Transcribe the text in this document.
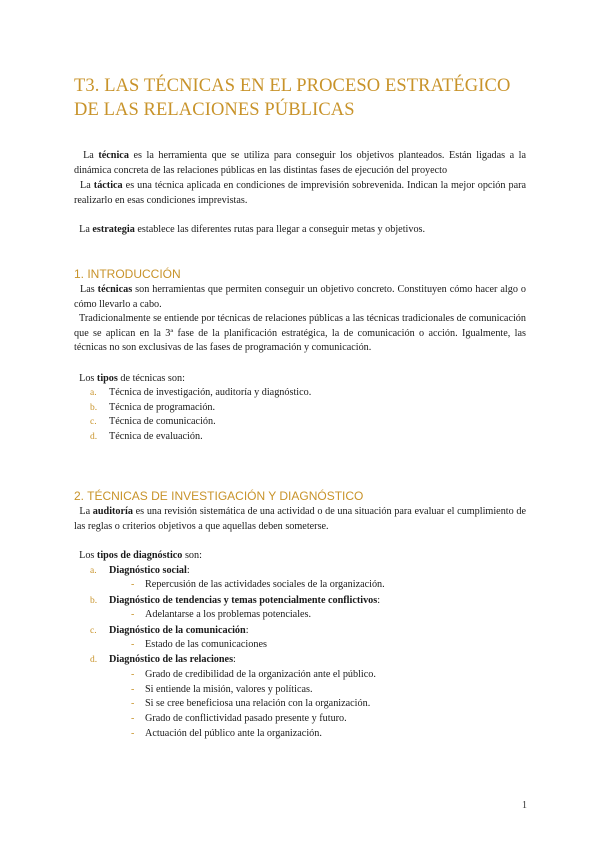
T3. LAS TÉCNICAS EN EL PROCESO ESTRATÉGICO
DE LAS RELACIONES PÚBLICAS
La técnica es la herramienta que se utiliza para conseguir los objetivos planteados. Están ligadas a la dinámica concreta de las relaciones públicas en las distintas fases de ejecución del proyecto
La táctica es una técnica aplicada en condiciones de imprevisión sobrevenida. Indican la mejor opción para realizarlo en esas condiciones imprevistas.
La estrategia establece las diferentes rutas para llegar a conseguir metas y objetivos.
1. INTRODUCCIÓN
Las técnicas son herramientas que permiten conseguir un objetivo concreto. Constituyen cómo hacer algo o cómo llevarlo a cabo.
Tradicionalmente se entiende por técnicas de relaciones públicas a las técnicas tradicionales de comunicación que se aplican en la 3ª fase de la planificación estratégica, la de comunicación o acción. Igualmente, las técnicas no son exclusivas de las fases de programación y comunicación.
Los tipos de técnicas son:
a. Técnica de investigación, auditoría y diagnóstico.
b. Técnica de programación.
c. Técnica de comunicación.
d. Técnica de evaluación.
2. TÉCNICAS DE INVESTIGACIÓN Y DIAGNÓSTICO
La auditoría es una revisión sistemática de una actividad o de una situación para evaluar el cumplimiento de las reglas o criterios objetivos a que aquellas deben someterse.
Los tipos de diagnóstico son:
a. Diagnóstico social:
- Repercusión de las actividades sociales de la organización.
b. Diagnóstico de tendencias y temas potencialmente conflictivos:
- Adelantarse a los problemas potenciales.
c. Diagnóstico de la comunicación:
- Estado de las comunicaciones
d. Diagnóstico de las relaciones:
- Grado de credibilidad de la organización ante el público.
- Si entiende la misión, valores y políticas.
- Si se cree beneficiosa una relación con la organización.
- Grado de conflictividad pasado presente y futuro.
- Actuación del público ante la organización.
1
